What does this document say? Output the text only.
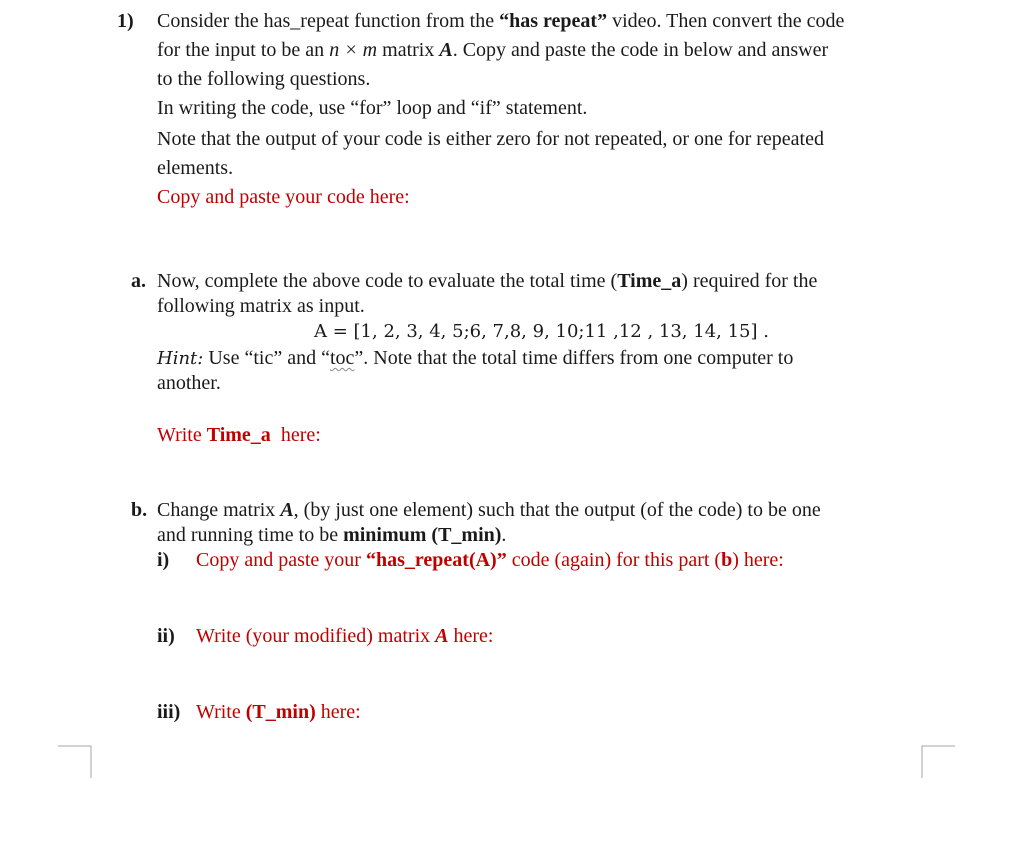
1) Consider the has_repeat function from the “has repeat” video. Then convert the code
for the input to be an n × m matrix A. Copy and paste the code in below and answer
to the following questions.
In writing the code, use “for” loop and “if” statement.
Note that the output of your code is either zero for not repeated, or one for repeated
elements.
Copy and paste your code here:
a. Now, complete the above code to evaluate the total time (Time_a) required for the
following matrix as input.
A = [1, 2, 3, 4, 5;6, 7,8, 9, 10;11 ,12 , 13, 14, 15] .
Hint: Use “tic” and “toc”. Note that the total time differs from one computer to
another.
Write Time_a  here:
b. Change matrix A, (by just one element) such that the output (of the code) to be one
and running time to be minimum (T_min).
i) Copy and paste your “has_repeat(A)” code (again) for this part (b) here:
ii) Write (your modified) matrix A here:
iii) Write (T_min) here:
